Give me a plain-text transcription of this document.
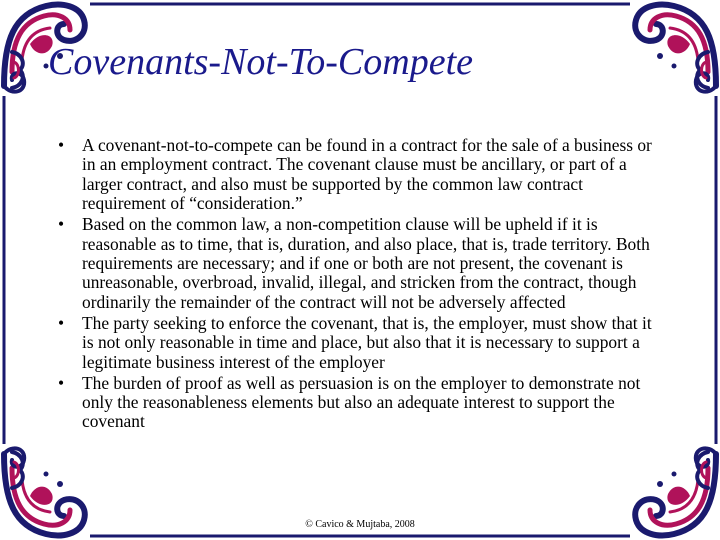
Covenants-Not-To-Compete
•	A covenant-not-to-compete can be found in a contract for the sale of a business or in an employment contract. The covenant clause must be ancillary, or part of a larger contract, and also must be supported by the common law contract requirement of “consideration.”
•	Based on the common law, a non-competition clause will be upheld if it is reasonable as to time, that is, duration, and also place, that is, trade territory. Both requirements are necessary; and if one or both are not present, the covenant is unreasonable, overbroad, invalid, illegal, and stricken from the contract, though ordinarily the remainder of the contract will not be adversely affected
•	The party seeking to enforce the covenant, that is, the employer, must show that it is not only reasonable in time and place, but also that it is necessary to support a legitimate business interest of the employer
•	The burden of proof as well as persuasion is on the employer to demonstrate not only the reasonableness elements but also an adequate interest to support the covenant
© Cavico & Mujtaba, 2008
